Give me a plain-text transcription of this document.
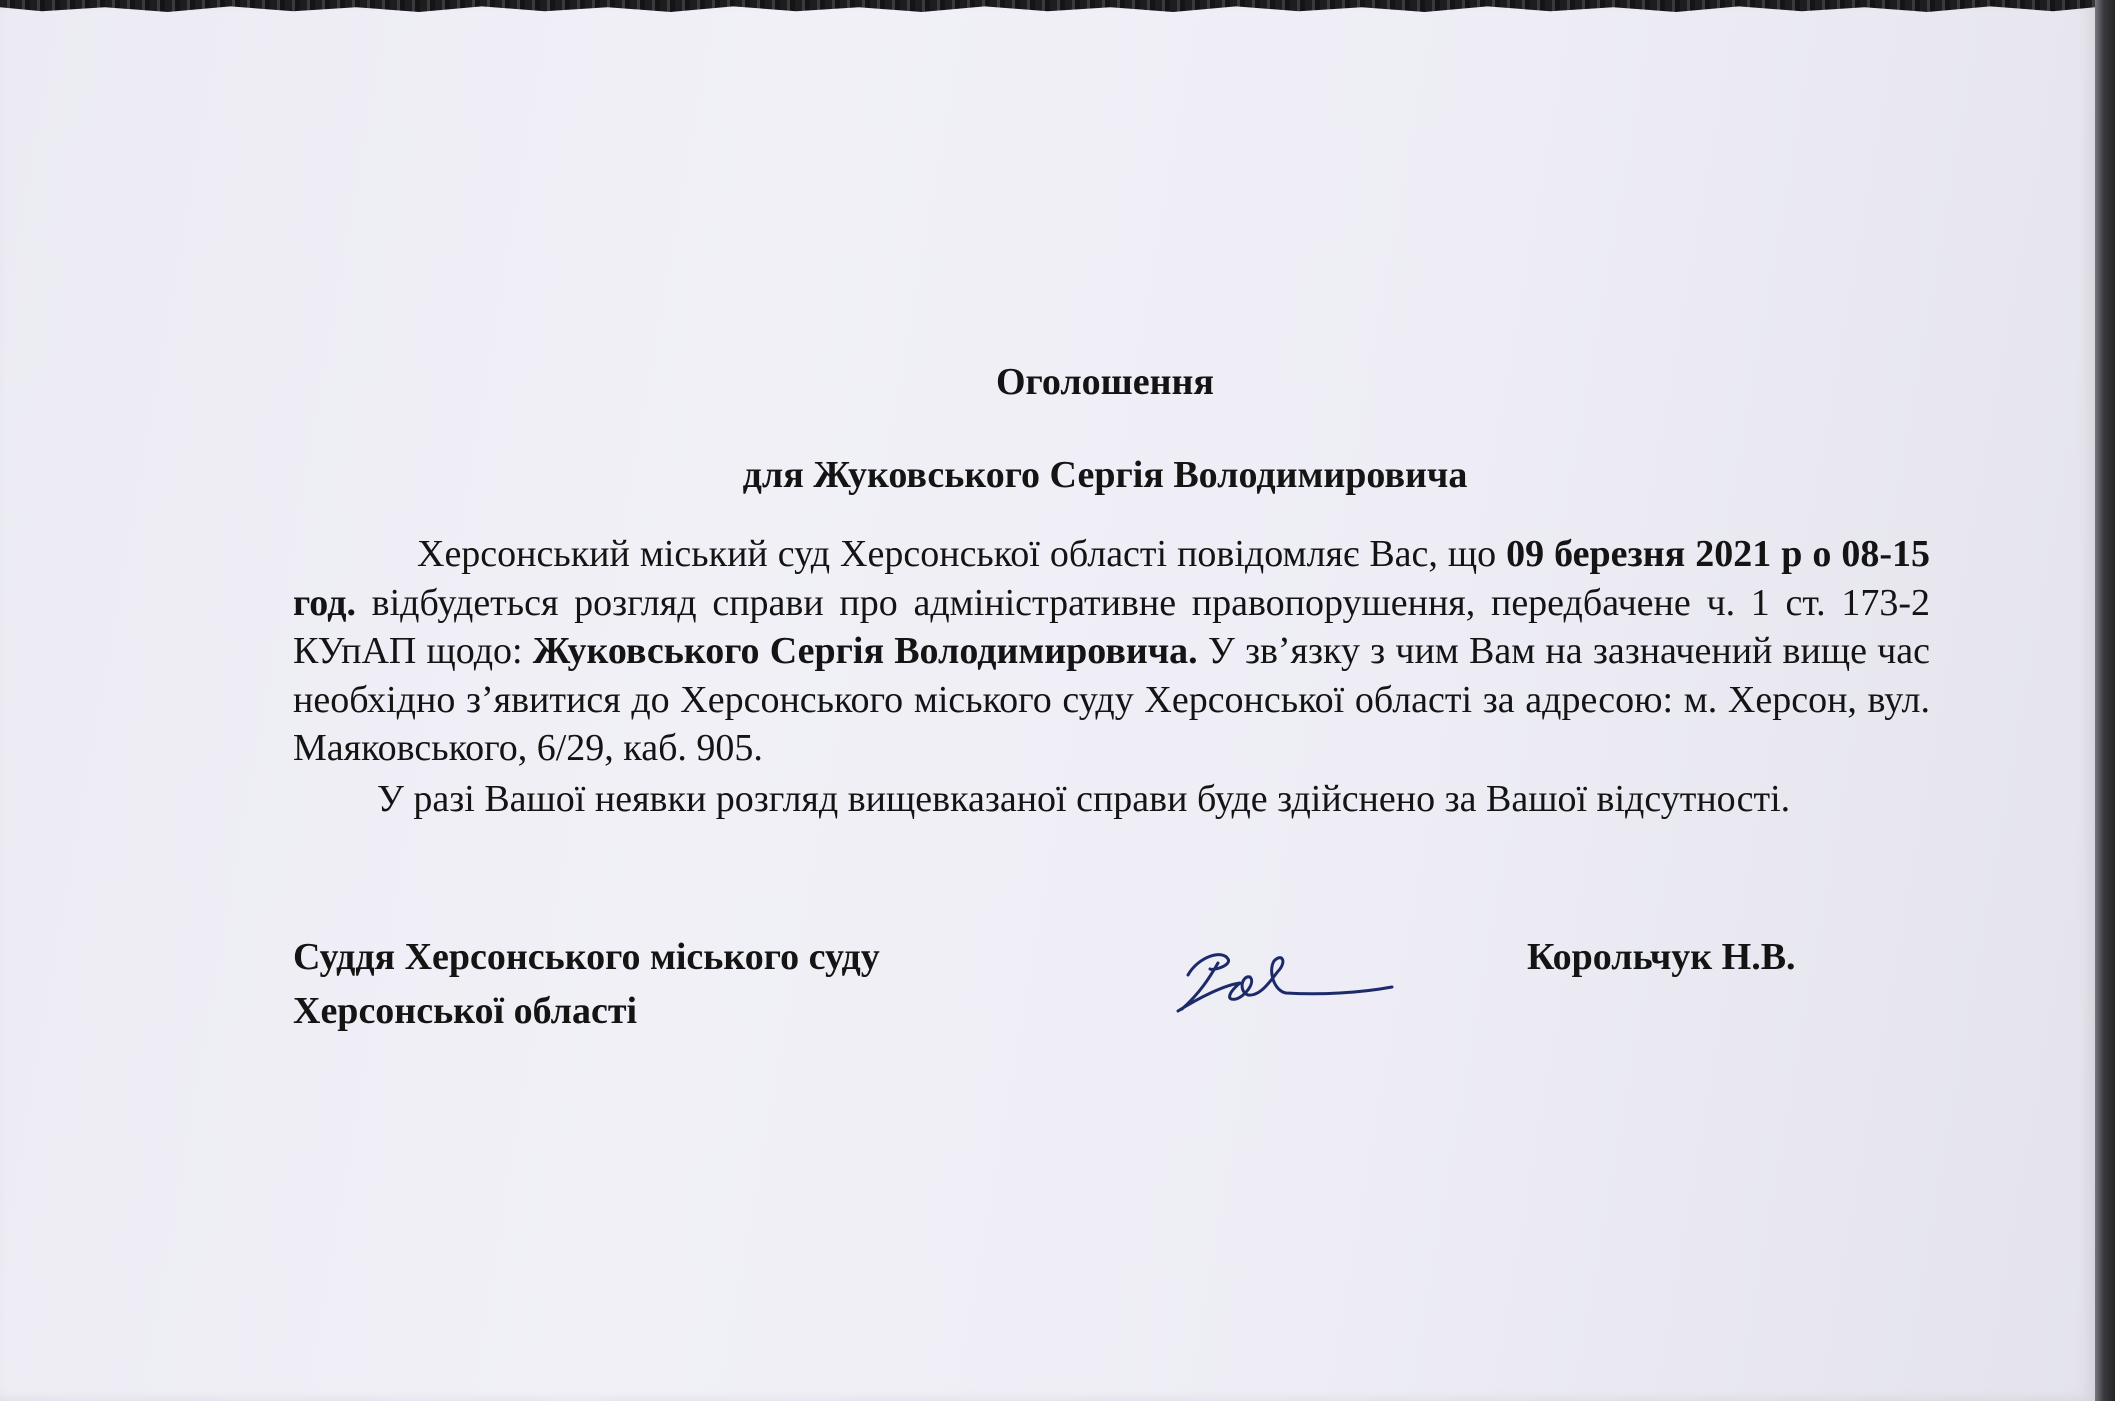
Оголошення
для Жуковського Сергія Володимировича

Херсонський міський суд Херсонської області повідомляє Вас, що 09 березня 2021 р о 08-15 год. відбудеться розгляд справи про адміністративне правопорушення, передбачене ч. 1 ст. 173-2 КУпАП щодо: Жуковського Сергія Володимировича. У звʼязку з чим Вам на зазначений вище час необхідно зʼявитися до Херсонського міського суду Херсонської області за адресою: м. Херсон, вул. Маяковського, 6/29, каб. 905.

У разі Вашої неявки розгляд вищевказаної справи буде здійснено за Вашої відсутності.

Суддя Херсонського міського суду
Херсонської області
Корольчук Н.В.
